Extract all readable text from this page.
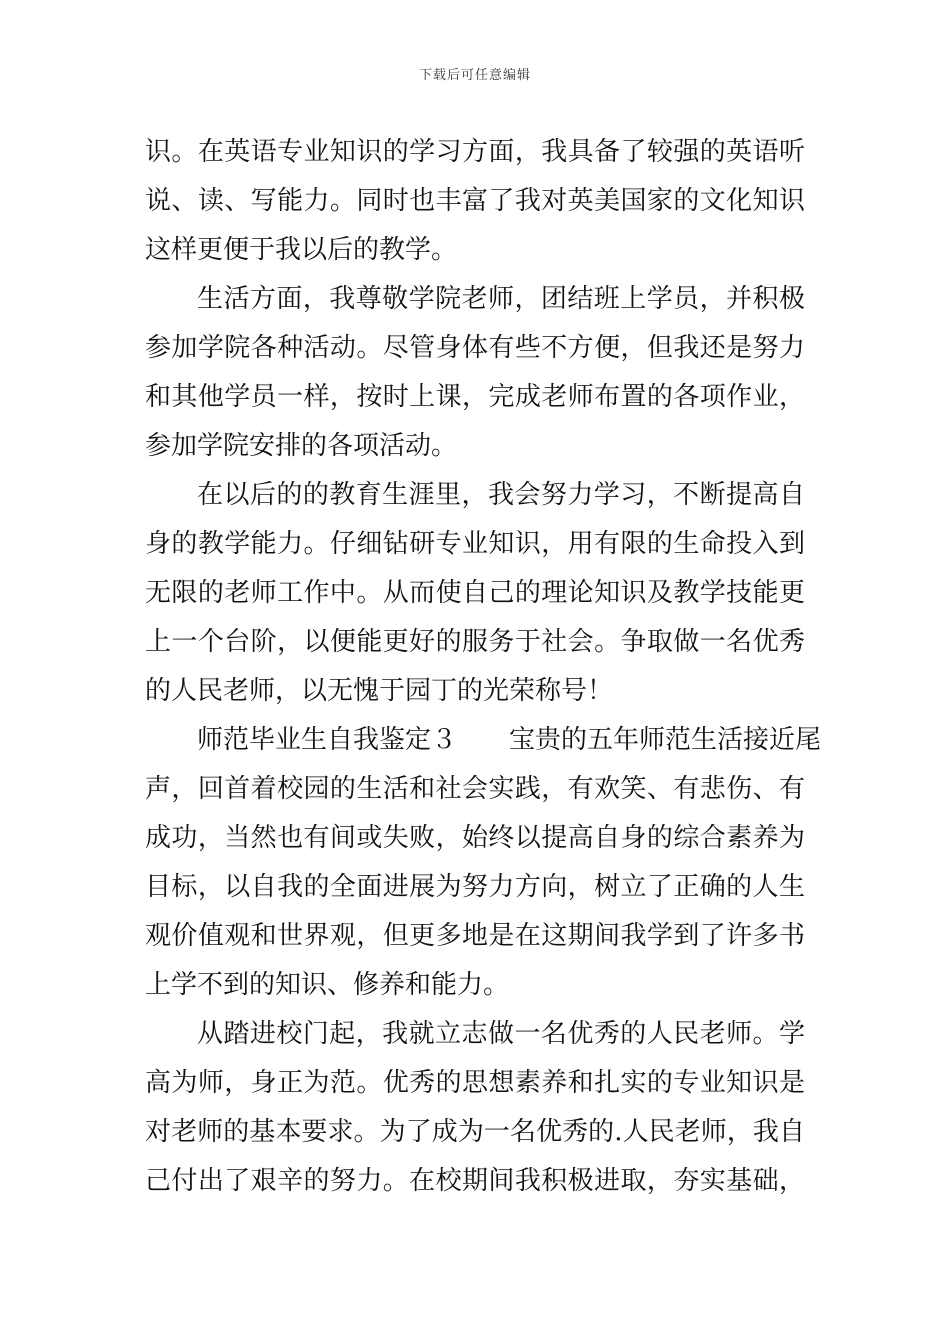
下载后可任意编辑
识。在英语专业知识的学习方面，我具备了较强的英语听
说、读、写能力。同时也丰富了我对英美国家的文化知识
这样更便于我以后的教学。
生活方面，我尊敬学院老师，团结班上学员，并积极
参加学院各种活动。尽管身体有些不方便，但我还是努力
和其他学员一样，按时上课，完成老师布置的各项作业，
参加学院安排的各项活动。
在以后的的教育生涯里，我会努力学习，不断提高自
身的教学能力。仔细钻研专业知识，用有限的生命投入到
无限的老师工作中。从而使自己的理论知识及教学技能更
上一个台阶，以便能更好的服务于社会。争取做一名优秀
的人民老师，以无愧于园丁的光荣称号！
师范毕业生自我鉴定３　　宝贵的五年师范生活接近尾
声，回首着校园的生活和社会实践，有欢笑、有悲伤、有
成功，当然也有间或失败，始终以提高自身的综合素养为
目标，以自我的全面进展为努力方向，树立了正确的人生
观价值观和世界观，但更多地是在这期间我学到了许多书
上学不到的知识、修养和能力。
从踏进校门起，我就立志做一名优秀的人民老师。学
高为师，身正为范。优秀的思想素养和扎实的专业知识是
对老师的基本要求。为了成为一名优秀的.人民老师，我自
己付出了艰辛的努力。在校期间我积极进取，夯实基础，
